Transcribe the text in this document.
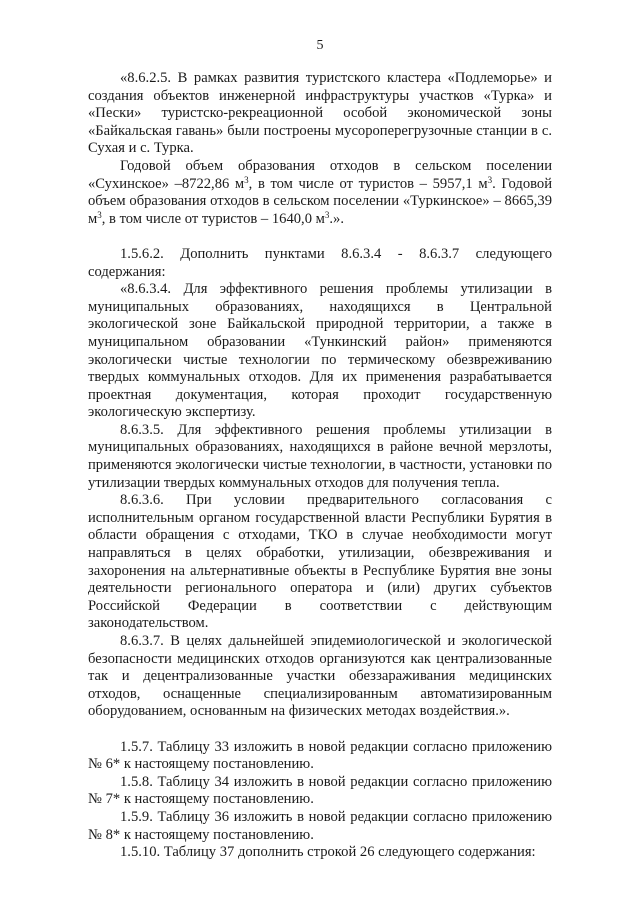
5

«8.6.2.5. В рамках развития туристского кластера «Подлеморье» и создания объектов инженерной инфраструктуры участков «Турка» и «Пески» туристско-рекреационной особой экономической зоны «Байкальская гавань» были построены мусороперегрузочные станции в с. Сухая и с. Турка.

Годовой объем образования отходов в сельском поселении «Сухинское» –8722,86 $м^3$, в том числе от туристов – 5957,1 $м^3$. Годовой объем образования отходов в сельском поселении «Туркинское» – 8665,39 $м^3$, в том числе от туристов – 1640,0 $м^3$.».

1.5.6.2. Дополнить пунктами 8.6.3.4 - 8.6.3.7 следующего содержания:

«8.6.3.4. Для эффективного решения проблемы утилизации в муниципальных образованиях, находящихся в Центральной экологической зоне Байкальской природной территории, а также в муниципальном образовании «Тункинский район» применяются экологически чистые технологии по термическому обезвреживанию твердых коммунальных отходов. Для их применения разрабатывается проектная документация, которая проходит государственную экологическую экспертизу.

8.6.3.5. Для эффективного решения проблемы утилизации в муниципальных образованиях, находящихся в районе вечной мерзлоты, применяются экологически чистые технологии, в частности, установки по утилизации твердых коммунальных отходов для получения тепла.

8.6.3.6. При условии предварительного согласования с исполнительным органом государственной власти Республики Бурятия в области обращения с отходами, ТКО в случае необходимости могут направляться в целях обработки, утилизации, обезвреживания и захоронения на альтернативные объекты в Республике Бурятия вне зоны деятельности регионального оператора и (или) других субъектов Российской Федерации в соответствии с действующим законодательством.

8.6.3.7. В целях дальнейшей эпидемиологической и экологической безопасности медицинских отходов организуются как централизованные так и децентрализованные участки обеззараживания медицинских отходов, оснащенные специализированным автоматизированным оборудованием, основанным на физических методах воздействия.».

1.5.7. Таблицу 33 изложить в новой редакции согласно приложению № 6* к настоящему постановлению.

1.5.8. Таблицу 34 изложить в новой редакции согласно приложению № 7* к настоящему постановлению.

1.5.9. Таблицу 36 изложить в новой редакции согласно приложению № 8* к настоящему постановлению.

1.5.10. Таблицу 37 дополнить строкой 26 следующего содержания:
